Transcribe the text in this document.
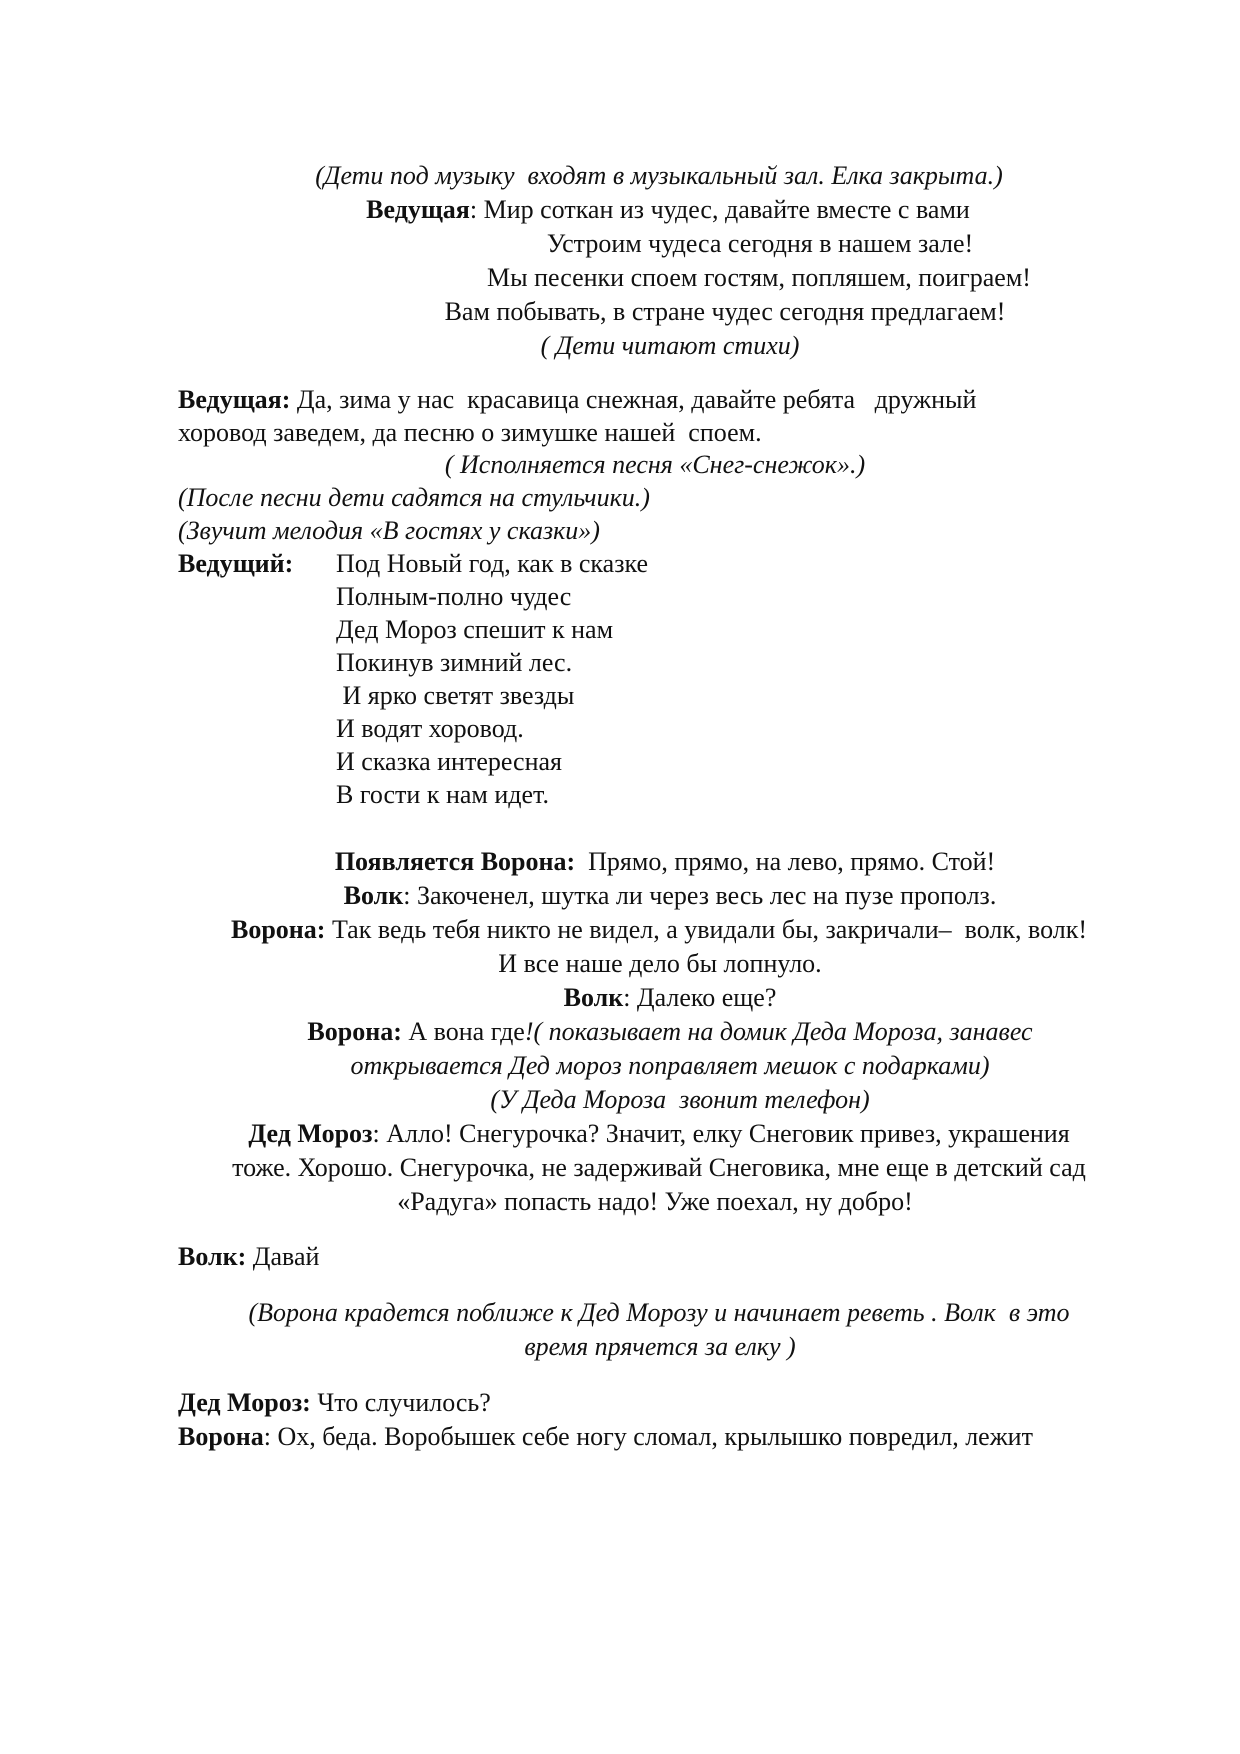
(Дети под музыку  входят в музыкальный зал. Елка закрыта.)

Ведущая: Мир соткан из чудес, давайте вместе с вами

Устроим чудеса сегодня в нашем зале!

Мы песенки споем гостям, попляшем, поиграем!

Вам побывать, в стране чудес сегодня предлагаем!

( Дети читают стихи)

Ведущая: Да, зима у нас  красавица снежная, давайте ребята   дружный

хоровод заведем, да песню о зимушке нашей  споем.

( Исполняется песня «Снег-снежок».)

(После песни дети садятся на стульчики.)

(Звучит мелодия «В гостях у сказки»)

Ведущий: Под Новый год, как в сказке

Полным-полно чудес

Дед Мороз спешит к нам

Покинув зимний лес.

И ярко светят звезды

И водят хоровод.

И сказка интересная

В гости к нам идет.

Появляется Ворона:  Прямо, прямо, на лево, прямо. Стой!

Волк: Закоченел, шутка ли через весь лес на пузе прополз.

Ворона: Так ведь тебя никто не видел, а увидали бы, закричали–  волк, волк!

И все наше дело бы лопнуло.

Волк: Далеко еще?

Ворона: А вона где!( показывает на домик Деда Мороза, занавес

открывается Дед мороз поправляет мешок с подарками)

(У Деда Мороза  звонит телефон)

Дед Мороз: Алло! Снегурочка? Значит, елку Снеговик привез, украшения

тоже. Хорошо. Снегурочка, не задерживай Снеговика, мне еще в детский сад

«Радуга» попасть надо! Уже поехал, ну добро!

Волк: Давай

(Ворона крадется поближе к Дед Морозу и начинает реветь . Волк  в это

время прячется за елку )

Дед Мороз: Что случилось?

Ворона: Ох, беда. Воробышек себе ногу сломал, крылышко повредил, лежит
